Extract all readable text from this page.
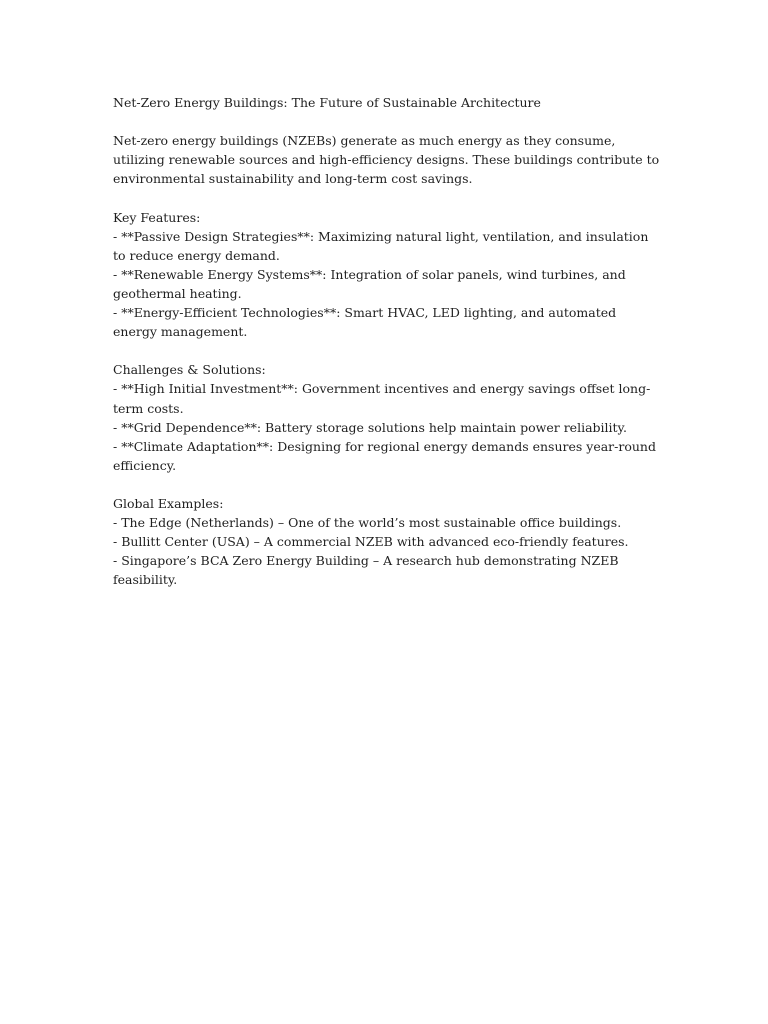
Net-Zero Energy Buildings: The Future of Sustainable Architecture

Net-zero energy buildings (NZEBs) generate as much energy as they consume, utilizing renewable sources and high-efficiency designs. These buildings contribute to environmental sustainability and long-term cost savings.

Key Features:

- **Passive Design Strategies**: Maximizing natural light, ventilation, and insulation to reduce energy demand.

- **Renewable Energy Systems**: Integration of solar panels, wind turbines, and geothermal heating.

- **Energy-Efficient Technologies**: Smart HVAC, LED lighting, and automated energy management.

Challenges & Solutions:

- **High Initial Investment**: Government incentives and energy savings offset long-term costs.

- **Grid Dependence**: Battery storage solutions help maintain power reliability.

- **Climate Adaptation**: Designing for regional energy demands ensures year-round efficiency.

Global Examples:

- The Edge (Netherlands) – One of the world’s most sustainable office buildings.

- Bullitt Center (USA) – A commercial NZEB with advanced eco-friendly features.

- Singapore’s BCA Zero Energy Building – A research hub demonstrating NZEB feasibility.
